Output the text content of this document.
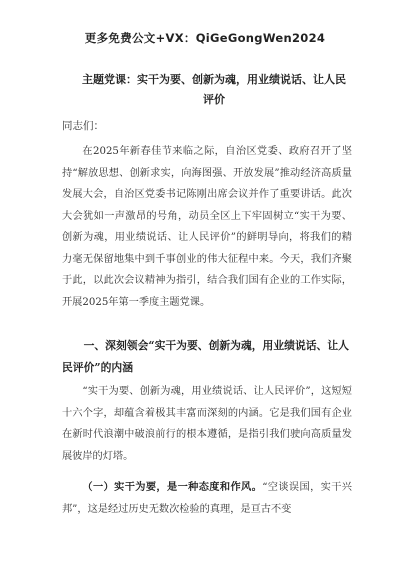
更多免费公文+VX：QiGeGongWen2024
主题党课：实干为要、创新为魂，用业绩说话、让人民评价
同志们：
在2025年新春佳节来临之际，自治区党委、政府召开了坚持“解放思想、创新求实，向海图强、开放发展”推动经济高质量发展大会，自治区党委书记陈刚出席会议并作了重要讲话。此次大会犹如一声激昂的号角，动员全区上下牢固树立“实干为要、创新为魂，用业绩说话、让人民评价”的鲜明导向，将我们的精力毫无保留地集中到千事创业的伟大征程中来。今天，我们齐聚于此，以此次会议精神为指引，结合我们国有企业的工作实际，开展2025年第一季度主题党课。
一、深刻领会“实干为要、创新为魂，用业绩说话、让人民评价”的内涵
“实干为要、创新为魂，用业绩说话、让人民评价”，这短短十六个字，却蕴含着极其丰富而深刻的内涵。它是我们国有企业在新时代浪潮中破浪前行的根本遵循，是指引我们驶向高质量发展彼岸的灯塔。
（一）实干为要，是一种态度和作风。“空谈误国，实干兴邦”，这是经过历史无数次检验的真理，是亘古不变
